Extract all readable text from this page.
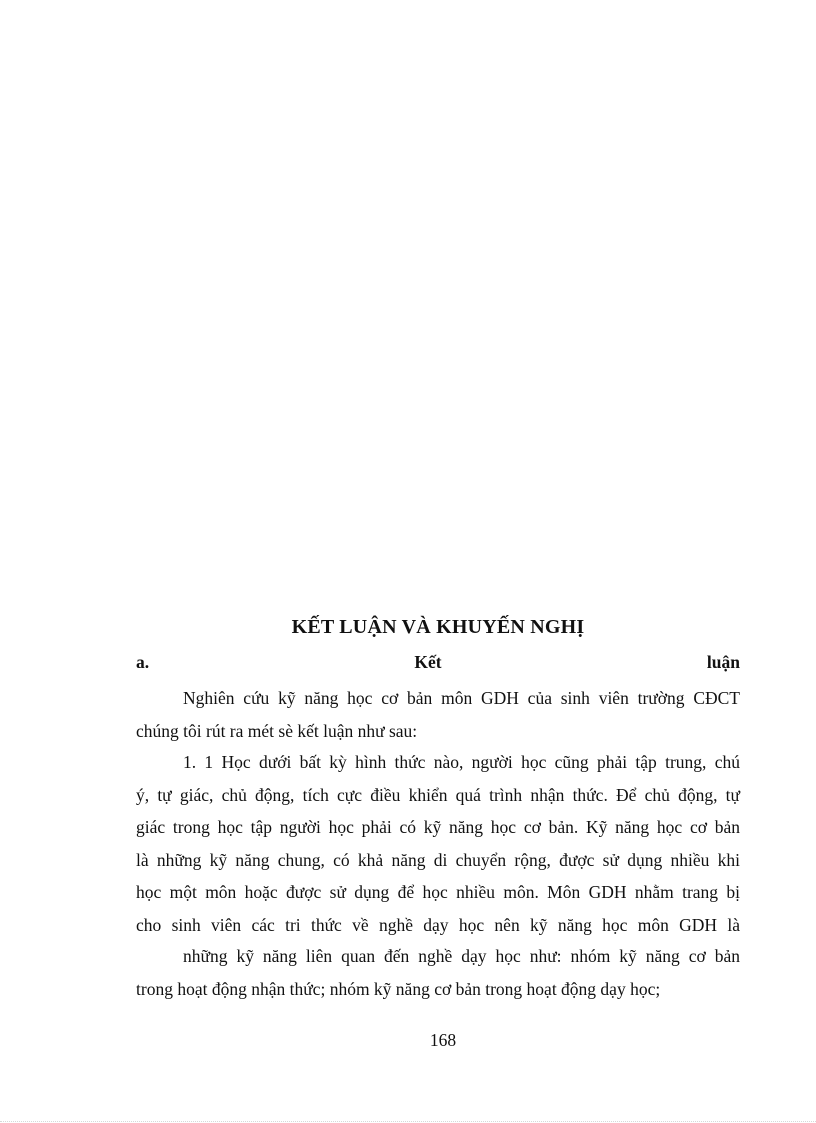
KẾT LUẬN VÀ KHUYẾN NGHỊ
a.	Kết	luận
Nghiên cứu kỹ năng học cơ bản môn GDH của sinh viên trường CĐCT
chúng tôi rút ra mét sè kết luận như sau:
1. 1 Học dưới bất kỳ hình thức nào, người học cũng phải tập trung, chú
ý, tự giác, chủ động, tích cực điều khiển quá trình nhận thức. Để chủ động, tự
giác trong học tập người học phải có kỹ năng học cơ bản. Kỹ năng học cơ bản
là những kỹ năng chung, có khả năng di chuyển rộng, được sử dụng nhiều khi
học một môn hoặc được sử dụng để học nhiều môn. Môn GDH nhằm trang bị
cho sinh viên các tri thức về nghề dạy học nên kỹ năng học môn GDH là
những kỹ năng liên quan đến nghề dạy học như: nhóm kỹ năng cơ bản
trong hoạt động nhận thức; nhóm kỹ năng cơ bản trong hoạt động dạy học;
168
